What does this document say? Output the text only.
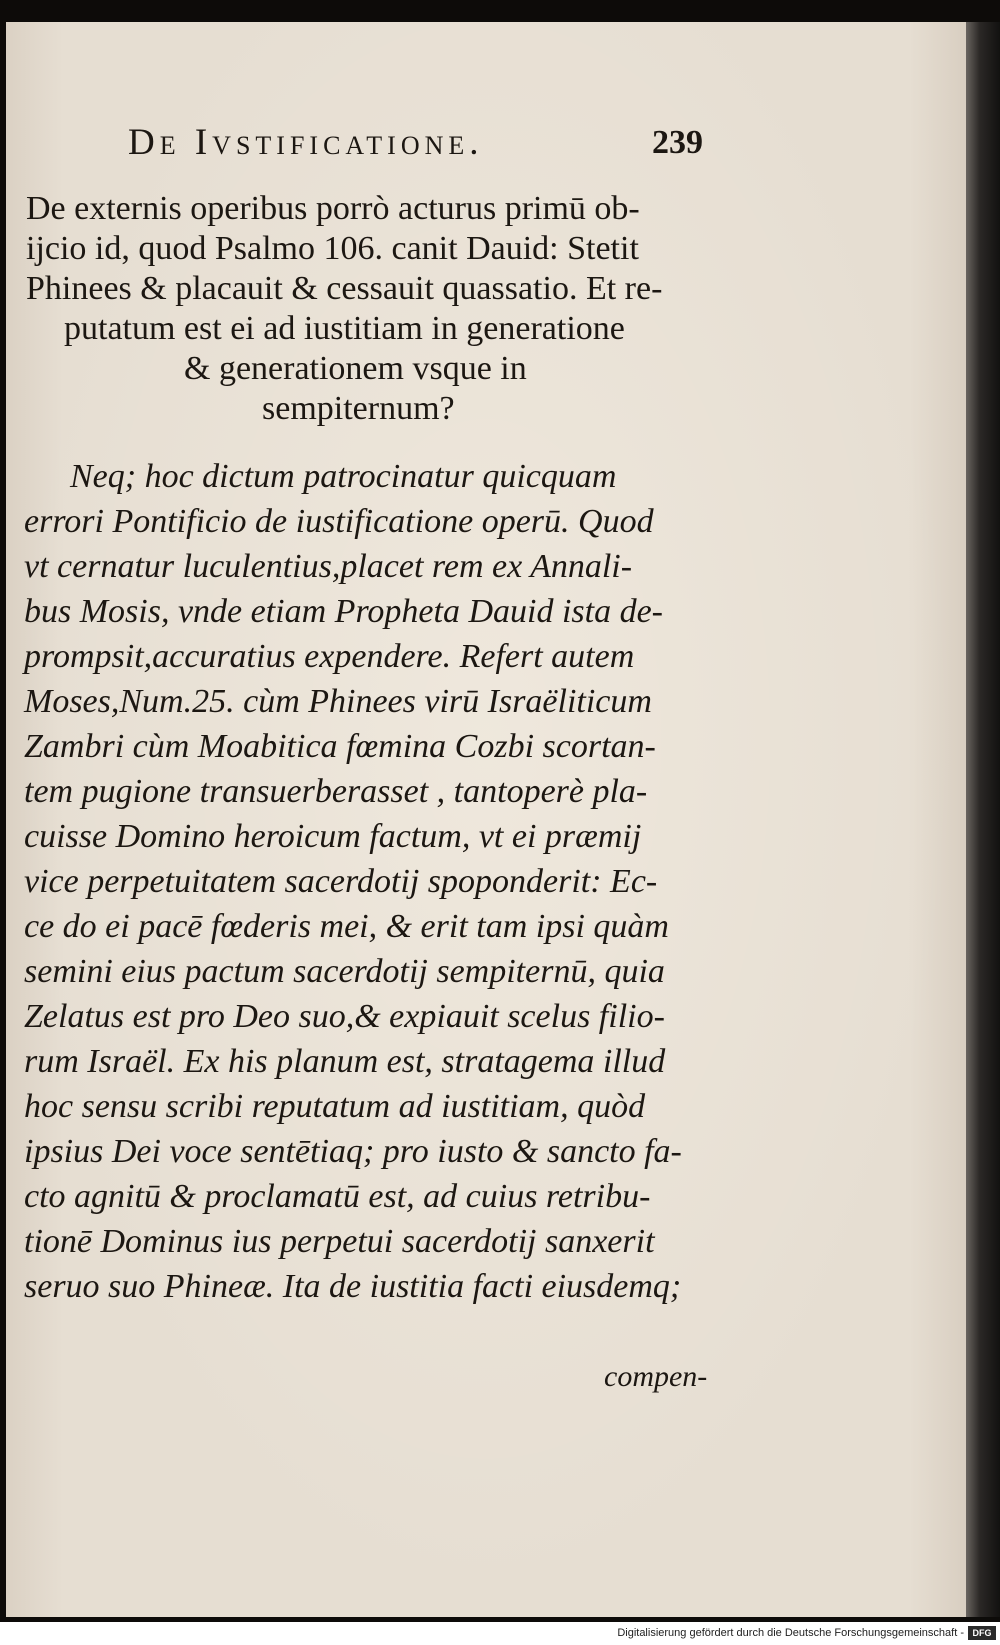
De Ivstificatione.	239
De externis operibus porrò acturus primū ob-
ijcio id, quod Psalmo 106. canit Dauid: Stetit
Phinees & placauit & cessauit quassatio. Et re-
putatum est ei ad iustitiam in generatione
& generationem vsque in
sempiternum?
Neq; hoc dictum patrocinatur quicquam
errori Pontificio de iustificatione operū. Quod
vt cernatur luculentius,placet rem ex Annali-
bus Mosis, vnde etiam Propheta Dauid ista de-
prompsit,accuratius expendere. Refert autem
Moses,Num.25. cùm Phinees virū Israëliticum
Zambri cùm Moabitica fœmina Cozbi scortan-
tem pugione transuerberasset , tantoperè pla-
cuisse Domino heroicum factum, vt ei præmij
vice perpetuitatem sacerdotij spoponderit: Ec-
ce do ei pacē fœderis mei, & erit tam ipsi quàm
semini eius pactum sacerdotij sempiternū, quia
Zelatus est pro Deo suo,& expiauit scelus filio-
rum Israël. Ex his planum est, stratagema illud
hoc sensu scribi reputatum ad iustitiam, quòd
ipsius Dei voce sentētiaq; pro iusto & sancto fa-
cto agnitū & proclamatū est, ad cuius retribu-
tionē Dominus ius perpetui sacerdotij sanxerit
seruo suo Phineæ. Ita de iustitia facti eiusdemq;
compen-
Digitalisierung gefördert durch die Deutsche Forschungsgemeinschaft - DFG
